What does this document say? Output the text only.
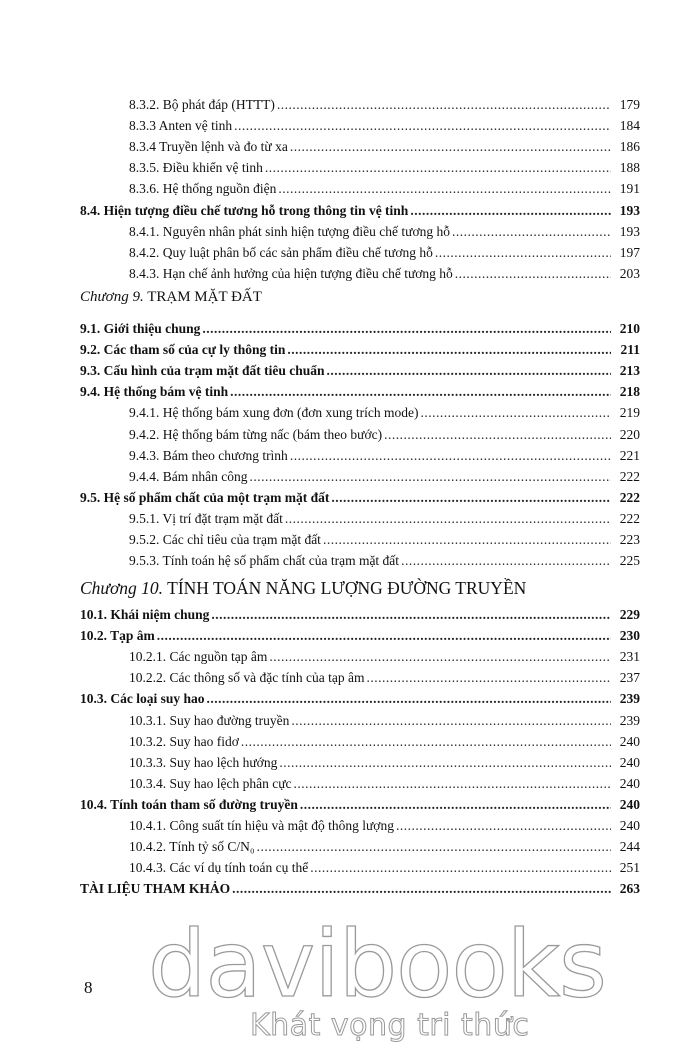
8.3.2. Bộ phát đáp (HTTT) .....	179
8.3.3 Anten vệ tinh .....	184
8.3.4 Truyền lệnh và đo từ xa .....	186
8.3.5. Điều khiển vệ tinh .....	188
8.3.6. Hệ thống nguồn điện .....	191
8.4. Hiện tượng điều chế tương hỗ trong thông tin vệ tinh .....	193
8.4.1. Nguyên nhân phát sinh hiện tượng điều chế tương hỗ .....	193
8.4.2. Quy luật phân bố các sản phẩm điều chế tương hỗ .....	197
8.4.3. Hạn chế ảnh hưởng của hiện tượng điều chế tương hỗ .....	203
Chương 9. TRẠM MẶT ĐẤT
9.1. Giới thiệu chung .....	210
9.2. Các tham số của cự ly thông tin .....	211
9.3. Cấu hình của trạm mặt đất tiêu chuẩn .....	213
9.4. Hệ thống bám vệ tinh .....	218
9.4.1. Hệ thống bám xung đơn (đơn xung trích mode) .....	219
9.4.2. Hệ thống bám từng nấc (bám theo bước) .....	220
9.4.3. Bám theo chương trình .....	221
9.4.4. Bám nhân công .....	222
9.5. Hệ số phẩm chất của một trạm mặt đất .....	222
9.5.1. Vị trí đặt trạm mặt đất .....	222
9.5.2. Các chỉ tiêu của trạm mặt đất .....	223
9.5.3. Tính toán hệ số phẩm chất của trạm mặt đất .....	225
Chương 10. TÍNH TOÁN NĂNG LƯỢNG ĐƯỜNG TRUYỀN
10.1. Khái niệm chung .....	229
10.2. Tạp âm .....	230
10.2.1. Các nguồn tạp âm .....	231
10.2.2. Các thông số và đặc tính của tạp âm .....	237
10.3. Các loại suy hao .....	239
10.3.1. Suy hao đường truyền .....	239
10.3.2. Suy hao fidơ .....	240
10.3.3. Suy hao lệch hướng .....	240
10.3.4. Suy hao lệch phân cực .....	240
10.4. Tính toán tham số đường truyền .....	240
10.4.1. Công suất tín hiệu và mật độ thông lượng .....	240
10.4.2. Tính tỷ số C/N₀ .....	244
10.4.3. Các ví dụ tính toán cụ thể .....	251
TÀI LIỆU THAM KHẢO .....	263
8 davibooks
Khát vọng tri thức
